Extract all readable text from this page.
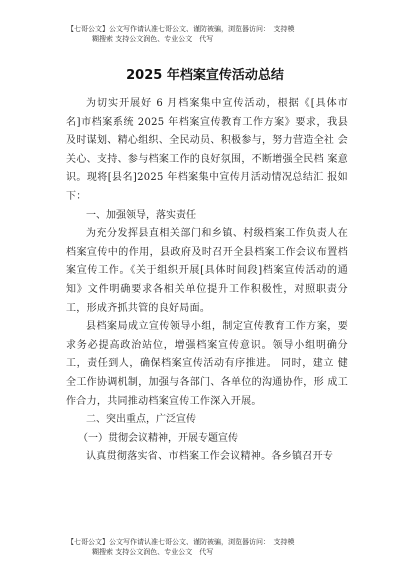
【七哥公文】公文写作请认准七哥公文、谨防被骗，浏览器访问：　支持模
糊搜索 支持公文润色、专业公文　代写
2025 年档案宣传活动总结

为切实开展好 6 月档案集中宣传活动，根据《[具体市 名]市档案系统 2025 年档案宣传教育工作方案》要求，我县 及时谋划、精心组织、全民动员、积极参与，努力营造全社 会关心、支持、参与档案工作的良好氛围，不断增强全民档 案意识。现将[县名]2025 年档案集中宣传月活动情况总结汇 报如下：

一、加强领导，落实责任

为充分发挥县直相关部门和乡镇、村级档案工作负责人在档案宣传中的作用，县政府及时召开全县档案工作会议布置档案宣传工作。《关于组织开展[具体时间段]档案宣传活动的通知》文件明确要求各相关单位提升工作积极性，对照职责分工，形成齐抓共管的良好局面。

县档案局成立宣传领导小组，制定宣传教育工作方案，要求务必提高政治站位，增强档案宣传意识。领导小组明确分工，责任到人，确保档案宣传活动有序推进。 同时，建立 健全工作协调机制，加强与各部门、各单位的沟通协作，形 成工作合力，共同推动档案宣传工作深入开展。

二、突出重点，广泛宣传

（一）贯彻会议精神，开展专题宣传

认真贯彻落实省、市档案工作会议精神。各乡镇召开专

【七哥公文】公文写作请认准七哥公文、谨防被骗，浏览器访问：　支持模
糊搜索 支持公文润色、专业公文　代写
